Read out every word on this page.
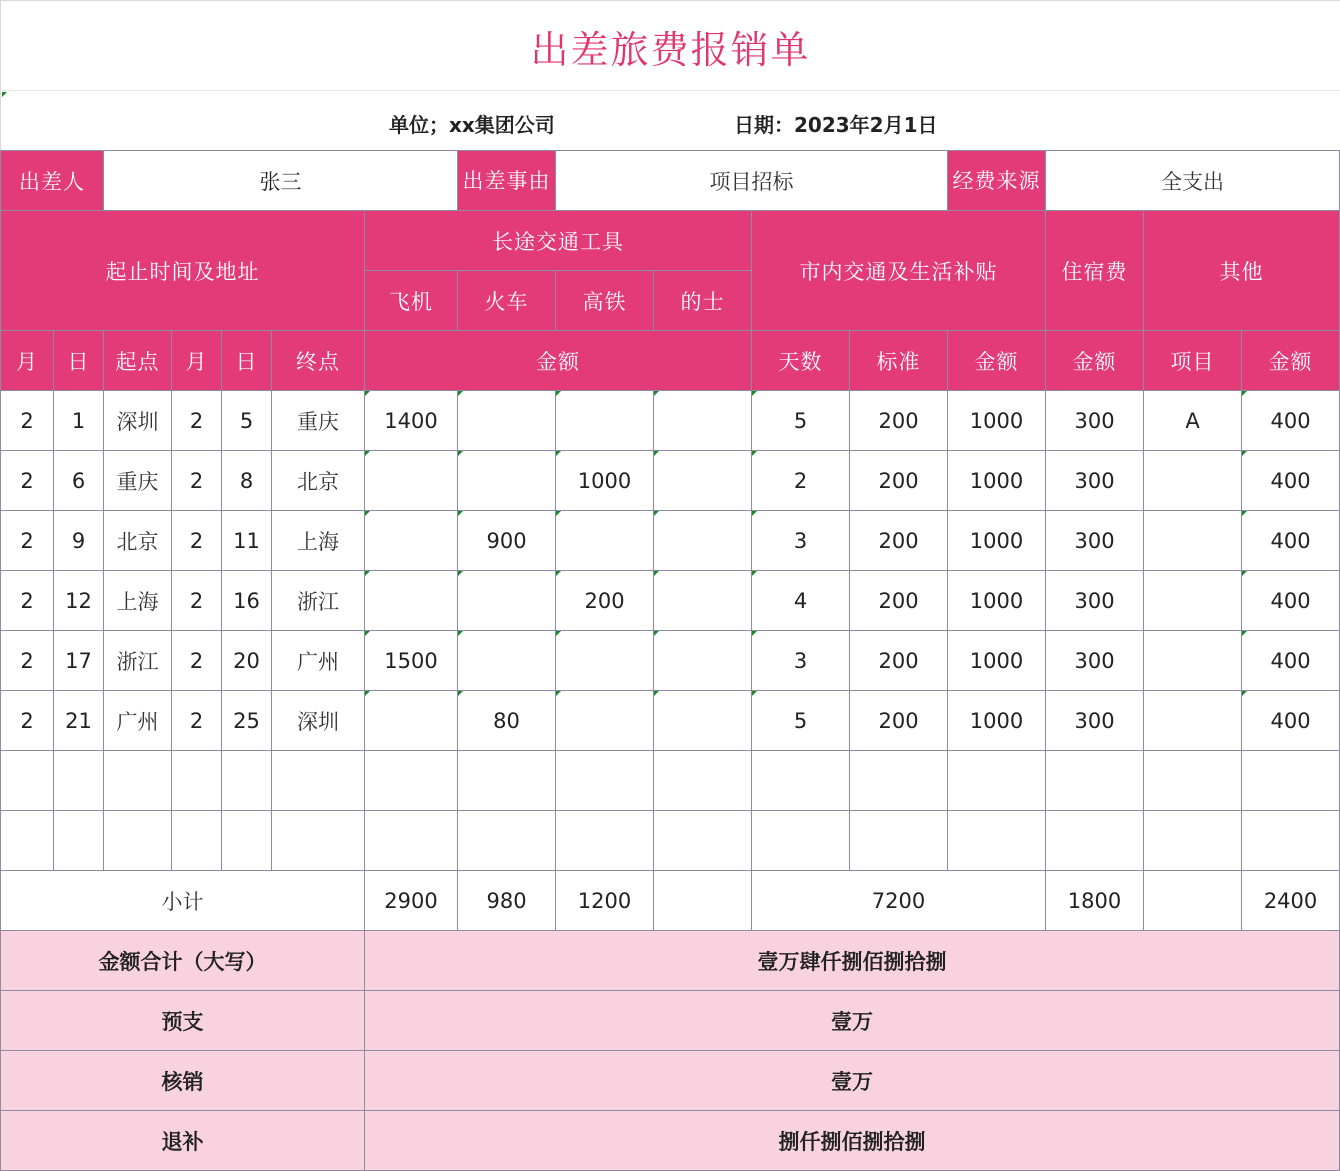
出差旅费报销单
单位；xx集团公司	日期：2023年2月1日
出差人		张三					出差事由	项目招标				经费来源	全支出		
起止时间及地址						长途交通工具				市内交通及生活补贴			住宿费	其他	
						飞机	火车	高铁	的士						
月	日	起点	月	日	终点	金额				天数	标准	金额	金额	项目	金额
2	1	深圳	2	5	重庆	1400				5	200	1000	300	A	400
2	6	重庆	2	8	北京			1000		2	200	1000	300		400
2	9	北京	2	11	上海		900			3	200	1000	300		400
2	12	上海	2	16	浙江			200		4	200	1000	300		400
2	17	浙江	2	20	广州	1500				3	200	1000	300		400
2	21	广州	2	25	深圳		80			5	200	1000	300		400

小计						2900	980	1200		7200			1800		2400
金额合计（大写）						壹万肆仟捌佰捌拾捌									
预支						壹万									
核销						壹万									
退补						捌仟捌佰捌拾捌									
